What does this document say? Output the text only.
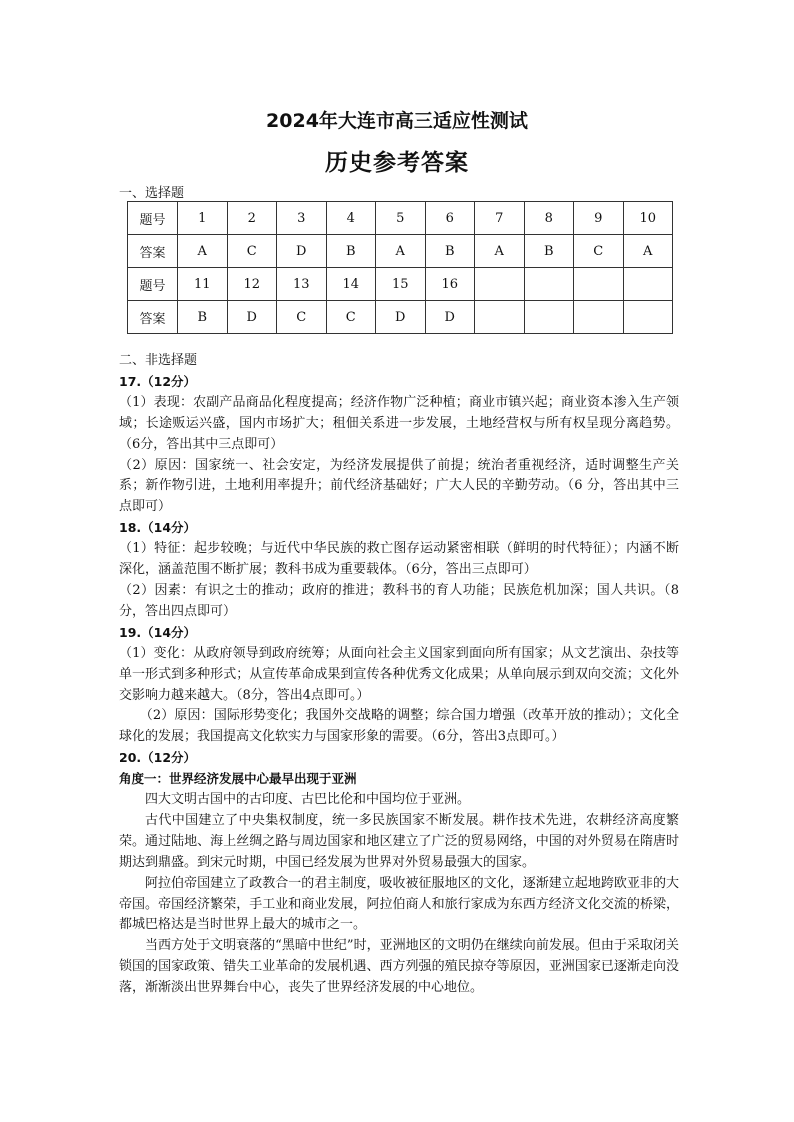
2024年大连市高三适应性测试
历史参考答案
一、选择题
题号	1	2	3	4	5	6	7	8	9	10
答案	A	C	D	B	A	B	A	B	C	A
题号	11	12	13	14	15	16				
答案	B	D	C	C	D	D				

二、非选择题

17.（12分）

（1）表现：农副产品商品化程度提高；经济作物广泛种植；商业市镇兴起；商业资本渗入生产领域；长途贩运兴盛，国内市场扩大；租佃关系进一步发展，土地经营权与所有权呈现分离趋势。（6分，答出其中三点即可）

（2）原因：国家统一、社会安定，为经济发展提供了前提；统治者重视经济，适时调整生产关系；新作物引进，土地利用率提升；前代经济基础好；广大人民的辛勤劳动。（6 分，答出其中三点即可）

18.（14分）

（1）特征：起步较晚；与近代中华民族的救亡图存运动紧密相联（鲜明的时代特征）；内涵不断深化，涵盖范围不断扩展；教科书成为重要载体。（6分，答出三点即可）

（2）因素：有识之士的推动；政府的推进；教科书的育人功能；民族危机加深；国人共识。（8分，答出四点即可）

19.（14分）

（1）变化：从政府领导到政府统筹；从面向社会主义国家到面向所有国家；从文艺演出、杂技等单一形式到多种形式；从宣传革命成果到宣传各种优秀文化成果；从单向展示到双向交流；文化外交影响力越来越大。（8分，答出4点即可。）

（2）原因：国际形势变化；我国外交战略的调整；综合国力增强（改革开放的推动）；文化全球化的发展；我国提高文化软实力与国家形象的需要。（6分，答出3点即可。）

20.（12分）

角度一：世界经济发展中心最早出现于亚洲

四大文明古国中的古印度、古巴比伦和中国均位于亚洲。

古代中国建立了中央集权制度，统一多民族国家不断发展。耕作技术先进，农耕经济高度繁荣。通过陆地、海上丝绸之路与周边国家和地区建立了广泛的贸易网络，中国的对外贸易在隋唐时期达到鼎盛。到宋元时期，中国已经发展为世界对外贸易最强大的国家。

阿拉伯帝国建立了政教合一的君主制度，吸收被征服地区的文化，逐渐建立起地跨欧亚非的大帝国。帝国经济繁荣，手工业和商业发展，阿拉伯商人和旅行家成为东西方经济文化交流的桥梁，都城巴格达是当时世界上最大的城市之一。

当西方处于文明衰落的“黑暗中世纪”时，亚洲地区的文明仍在继续向前发展。但由于采取闭关锁国的国家政策、错失工业革命的发展机遇、西方列强的殖民掠夺等原因，亚洲国家已逐渐走向没落，渐渐淡出世界舞台中心，丧失了世界经济发展的中心地位。
